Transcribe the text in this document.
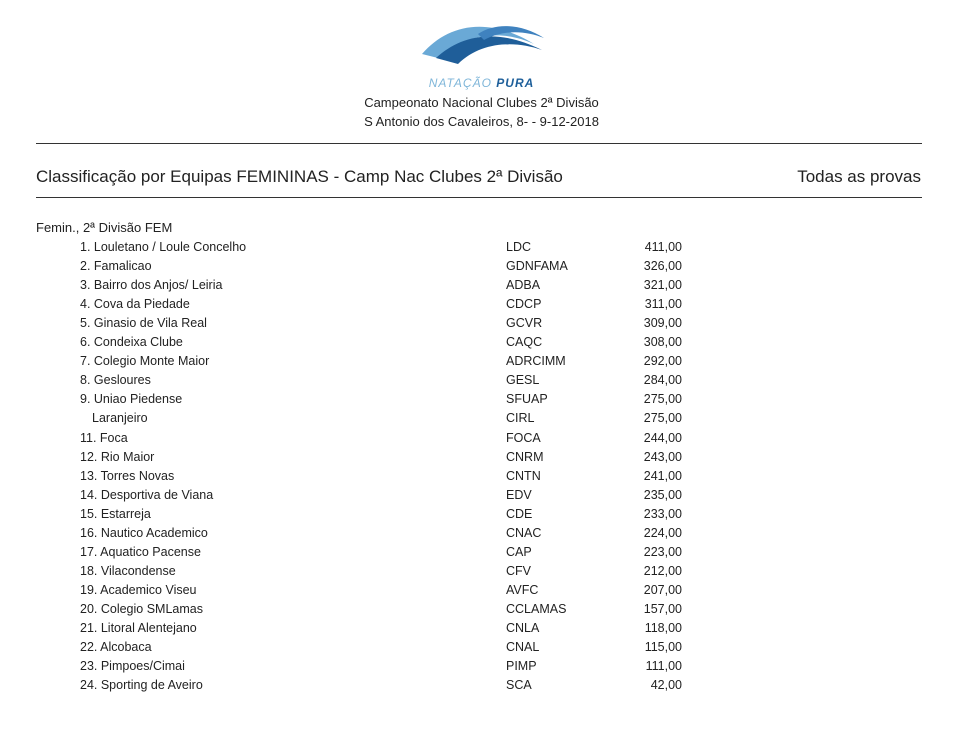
NATAÇÃO PURA
Campeonato Nacional Clubes 2ª Divisão
S Antonio dos Cavaleiros, 8- - 9-12-2018
Classificação por Equipas FEMININAS - Camp Nac Clubes 2ª Divisão	Todas as provas
Femin., 2ª Divisão FEM
1. Louletano / Loule Concelho	LDC	411,00
2. Famalicao	GDNFAMA	326,00
3. Bairro dos Anjos/ Leiria	ADBA	321,00
4. Cova da Piedade	CDCP	311,00
5. Ginasio de Vila Real	GCVR	309,00
6. Condeixa Clube	CAQC	308,00
7. Colegio Monte Maior	ADRCIMM	292,00
8. Gesloures	GESL	284,00
9. Uniao Piedense	SFUAP	275,00
Laranjeiro	CIRL	275,00
11. Foca	FOCA	244,00
12. Rio Maior	CNRM	243,00
13. Torres Novas	CNTN	241,00
14. Desportiva de Viana	EDV	235,00
15. Estarreja	CDE	233,00
16. Nautico Academico	CNAC	224,00
17. Aquatico Pacense	CAP	223,00
18. Vilacondense	CFV	212,00
19. Academico Viseu	AVFC	207,00
20. Colegio SMLamas	CCLAMAS	157,00
21. Litoral Alentejano	CNLA	118,00
22. Alcobaca	CNAL	115,00
23. Pimpoes/Cimai	PIMP	111,00
24. Sporting de Aveiro	SCA	42,00
